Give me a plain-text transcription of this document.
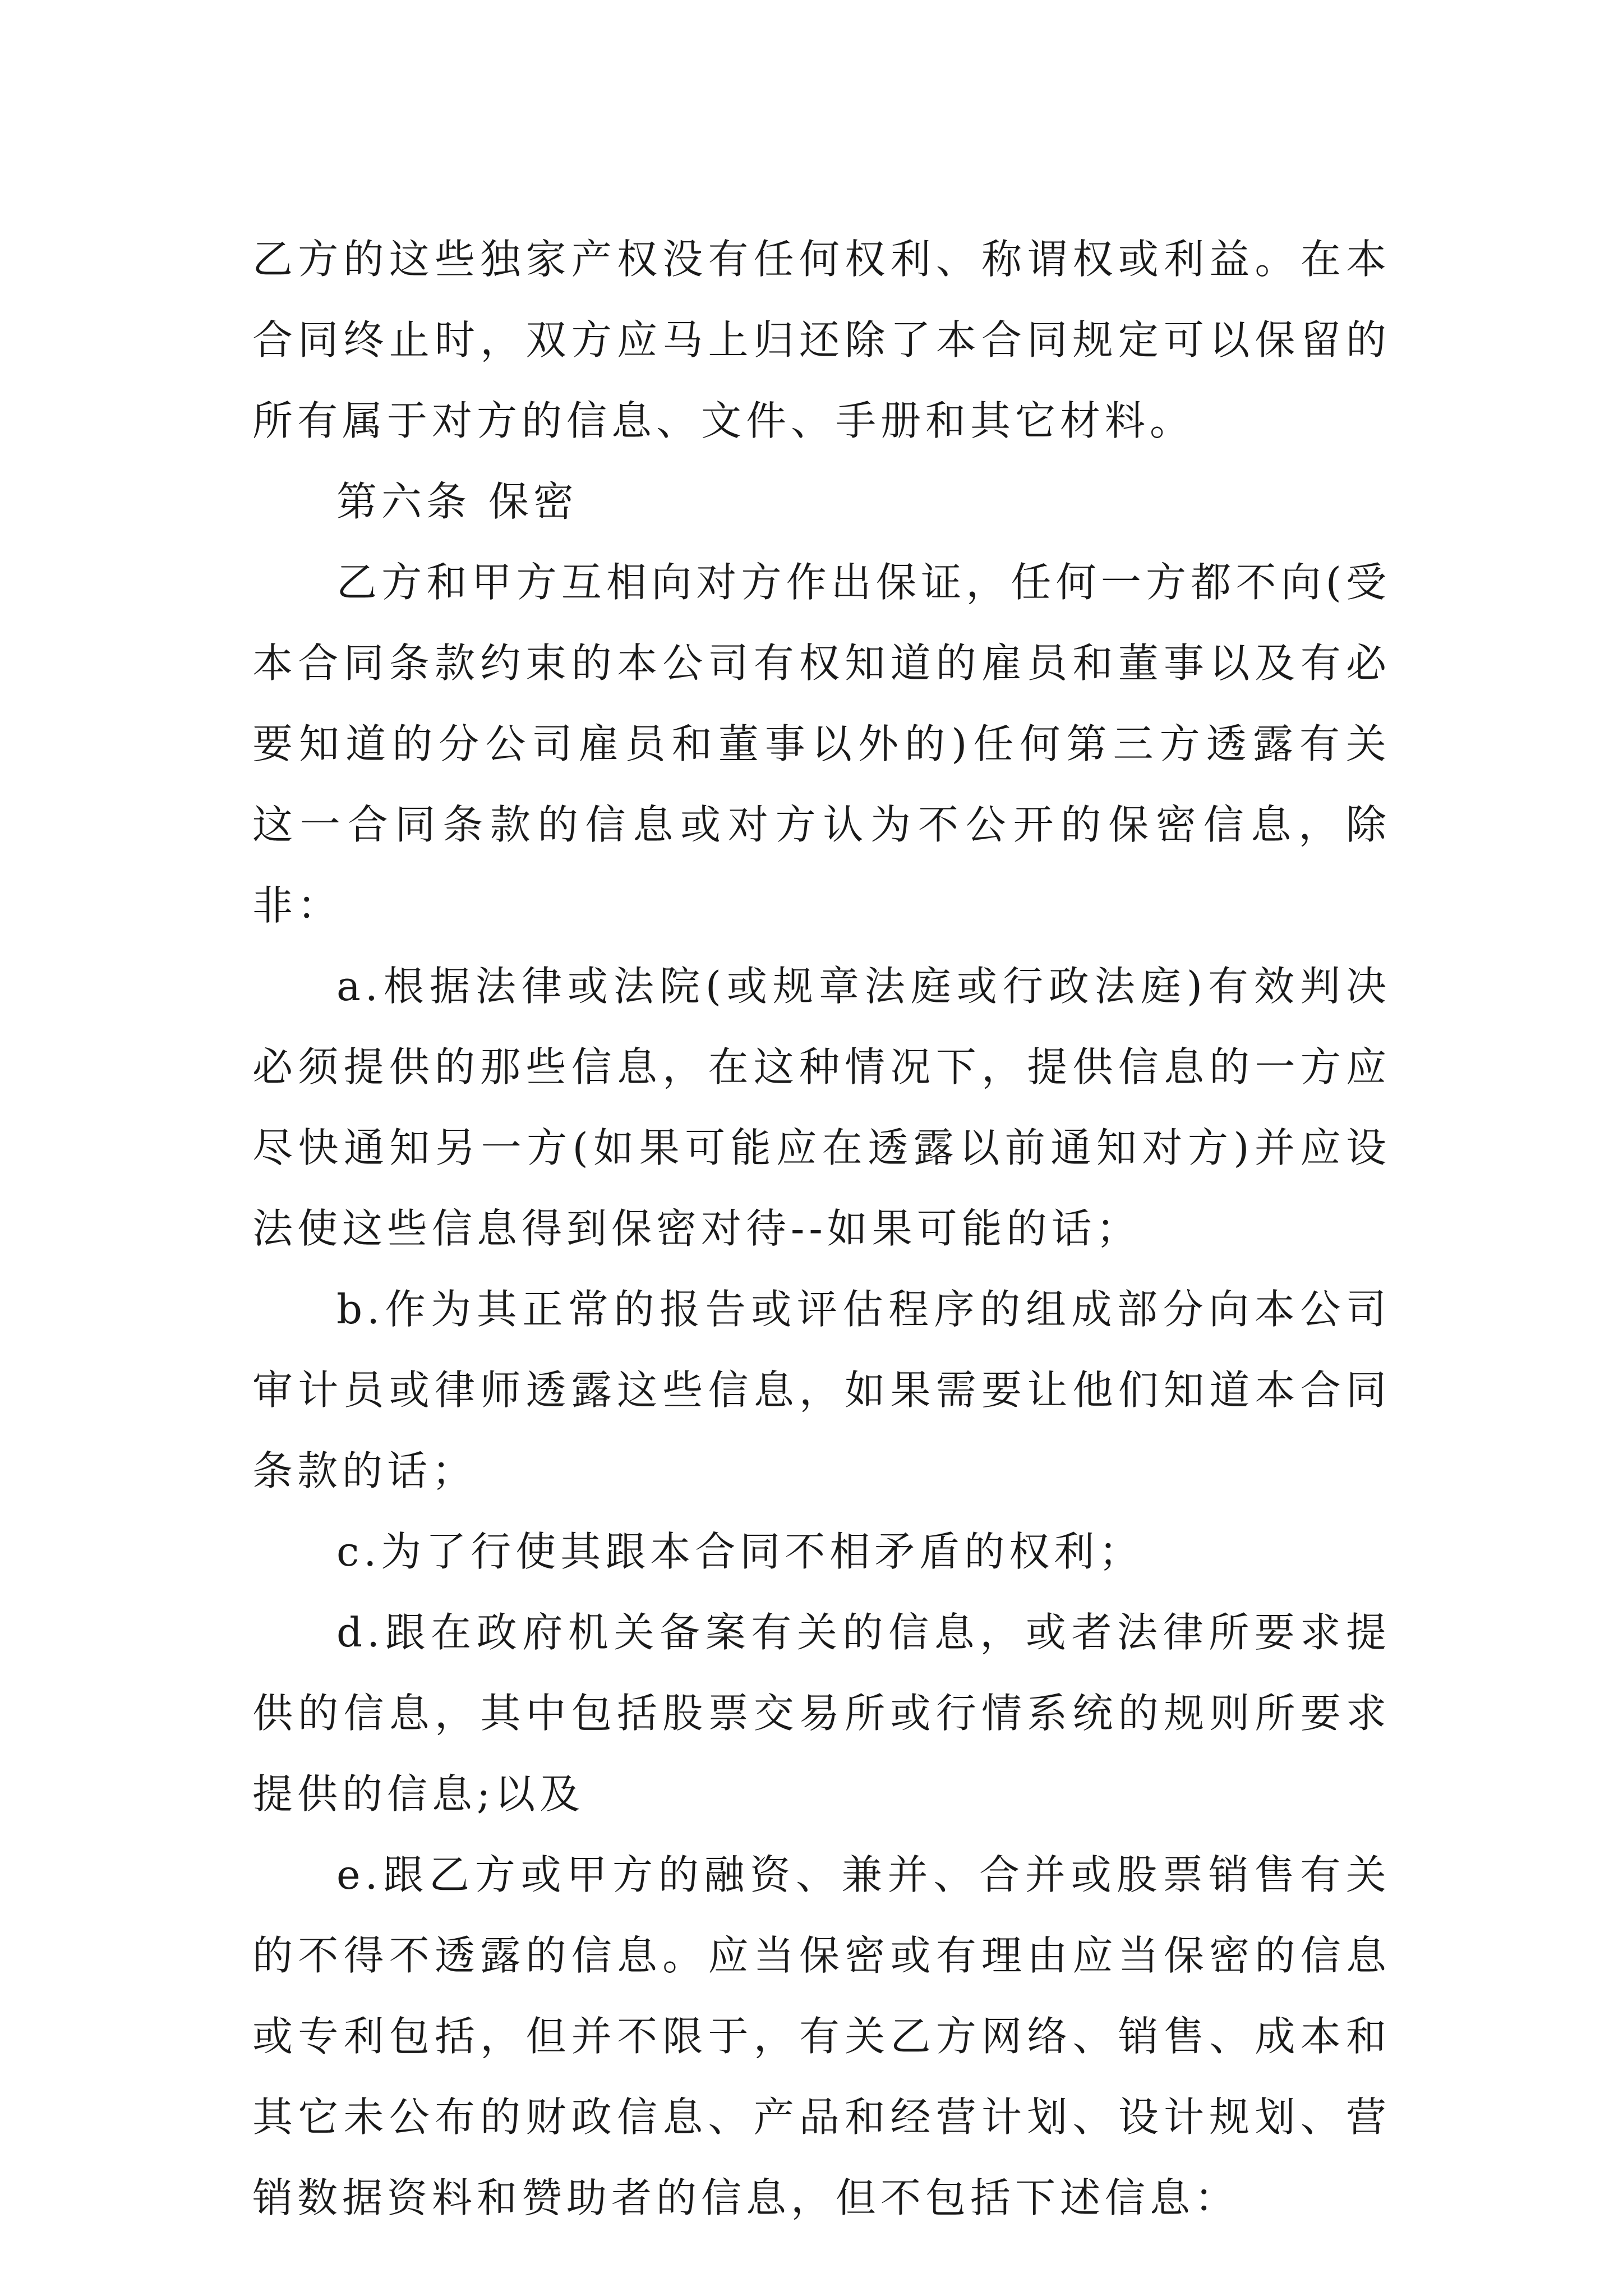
乙方的这些独家产权没有任何权利、称谓权或利益。在本合同终止时，双方应马上归还除了本合同规定可以保留的所有属于对方的信息、文件、手册和其它材料。

第六条 保密

乙方和甲方互相向对方作出保证，任何一方都不向(受本合同条款约束的本公司有权知道的雇员和董事以及有必要知道的分公司雇员和董事以外的)任何第三方透露有关这一合同条款的信息或对方认为不公开的保密信息，除非：

a.根据法律或法院(或规章法庭或行政法庭)有效判决必须提供的那些信息，在这种情况下，提供信息的一方应尽快通知另一方(如果可能应在透露以前通知对方)并应设法使这些信息得到保密对待--如果可能的话；

b.作为其正常的报告或评估程序的组成部分向本公司审计员或律师透露这些信息，如果需要让他们知道本合同条款的话；

c.为了行使其跟本合同不相矛盾的权利；

d.跟在政府机关备案有关的信息，或者法律所要求提供的信息，其中包括股票交易所或行情系统的规则所要求提供的信息;以及

e.跟乙方或甲方的融资、兼并、合并或股票销售有关的不得不透露的信息。应当保密或有理由应当保密的信息或专利包括，但并不限于，有关乙方网络、销售、成本和其它未公布的财政信息、产品和经营计划、设计规划、营销数据资料和赞助者的信息，但不包括下述信息：
